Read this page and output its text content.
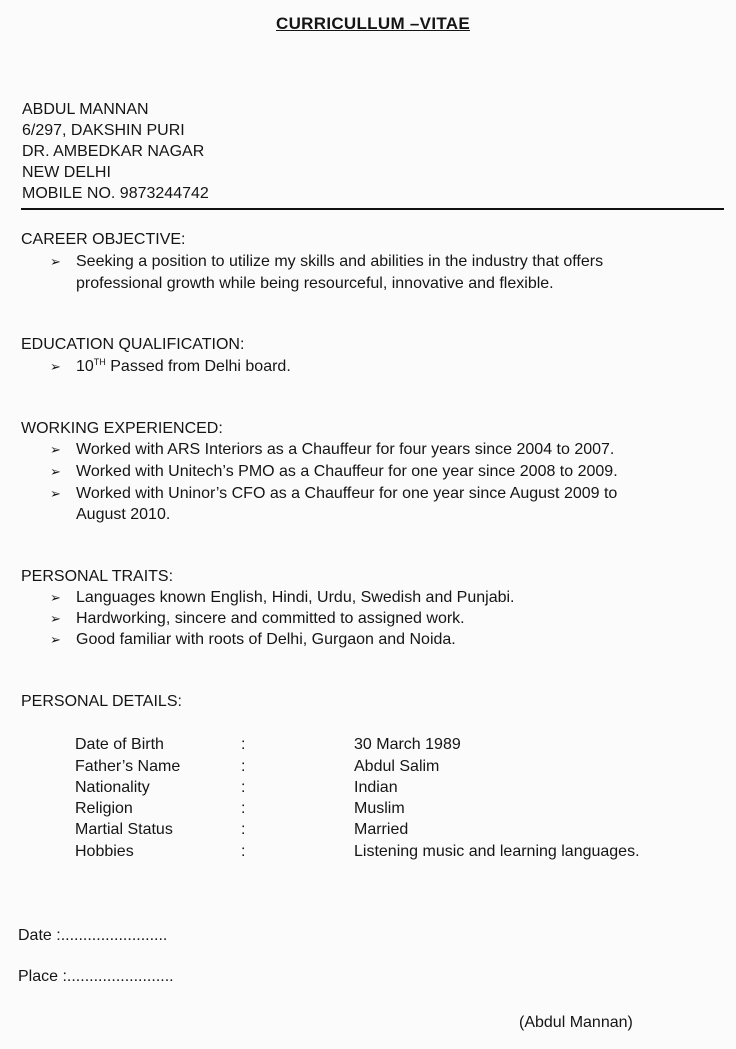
CURRICULLUM –VITAE
ABDUL MANNAN
6/297, DAKSHIN PURI
DR. AMBEDKAR NAGAR
NEW DELHI
MOBILE NO. 9873244742
CAREER OBJECTIVE:
➢ Seeking a position to utilize my skills and abilities in the industry that offers
professional growth while being resourceful, innovative and flexible.
EDUCATION QUALIFICATION:
➢ 10TH Passed from Delhi board.
WORKING EXPERIENCED:
➢ Worked with ARS Interiors as a Chauffeur for four years since 2004 to 2007.
➢ Worked with Unitech’s PMO as a Chauffeur for one year since 2008 to 2009.
➢ Worked with Uninor’s CFO as a Chauffeur for one year since August 2009 to
August 2010.
PERSONAL TRAITS:
➢ Languages known English, Hindi, Urdu, Swedish and Punjabi.
➢ Hardworking, sincere and committed to assigned work.
➢ Good familiar with roots of Delhi, Gurgaon and Noida.
PERSONAL DETAILS:
Date of Birth	:	30 March 1989
Father’s Name	:	Abdul Salim
Nationality	:	Indian
Religion	:	Muslim
Martial Status	:	Married
Hobbies	:	Listening music and learning languages.
Date :........................
Place :........................
(Abdul Mannan)
